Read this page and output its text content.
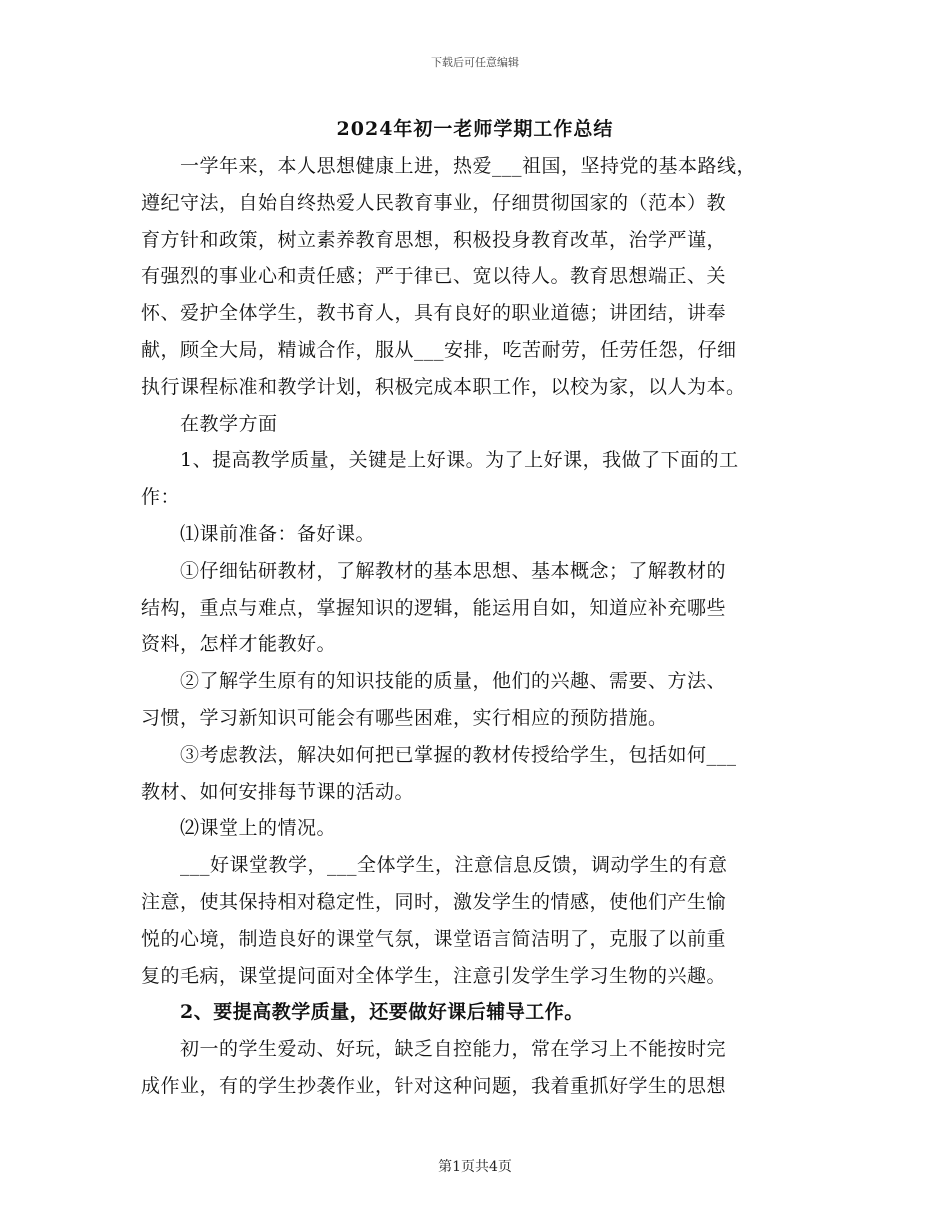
下载后可任意编辑
2024年初一老师学期工作总结
　　一学年来，本人思想健康上进，热爱___祖国，坚持党的基本路线，
遵纪守法，自始自终热爱人民教育事业，仔细贯彻国家的（范本）教
育方针和政策，树立素养教育思想，积极投身教育改革，治学严谨，
有强烈的事业心和责任感；严于律已、宽以待人。教育思想端正、关
怀、爱护全体学生，教书育人，具有良好的职业道德；讲团结，讲奉
献，顾全大局，精诚合作，服从___安排，吃苦耐劳，任劳任怨，仔细
执行课程标准和教学计划，积极完成本职工作，以校为家，以人为本。
　　在教学方面
　　1、提高教学质量，关键是上好课。为了上好课，我做了下面的工
作：
　　⑴课前准备：备好课。
　　①仔细钻研教材，了解教材的基本思想、基本概念；了解教材的
结构，重点与难点，掌握知识的逻辑，能运用自如，知道应补充哪些
资料，怎样才能教好。
　　②了解学生原有的知识技能的质量，他们的兴趣、需要、方法、
习惯，学习新知识可能会有哪些困难，实行相应的预防措施。
　　③考虑教法，解决如何把已掌握的教材传授给学生，包括如何___
教材、如何安排每节课的活动。
　　⑵课堂上的情况。
　　___好课堂教学，___全体学生，注意信息反馈，调动学生的有意
注意，使其保持相对稳定性，同时，激发学生的情感，使他们产生愉
悦的心境，制造良好的课堂气氛，课堂语言简洁明了，克服了以前重
复的毛病，课堂提问面对全体学生，注意引发学生学习生物的兴趣。
　　2、要提高教学质量，还要做好课后辅导工作。
　　初一的学生爱动、好玩，缺乏自控能力，常在学习上不能按时完
成作业，有的学生抄袭作业，针对这种问题，我着重抓好学生的思想
第1页共4页
